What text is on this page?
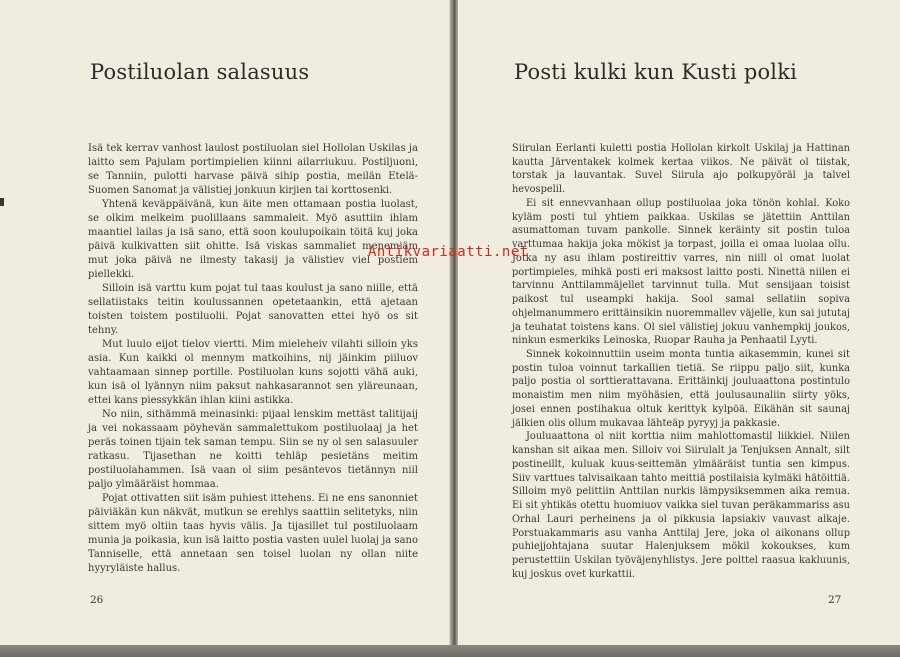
Postiluolan salasuus

Isä tek kerrav vanhost laulost postiluolan siel Hollolan Uskilas ja laitto sem Pajulam portimpielien kiinni ailarriukuu. Postiljuoni, se Tanniin, pulotti harvase päivä sihip postia, meilän Etelä-Suomen Sanomat ja välistiej jonkuun kirjien tai korttosenki.

Yhtenä keväppäivänä, kun äite men ottamaan postia luolast, se olkim melkeim puolillaans sammaleit. Myö asuttiin ihlam maantiel lailas ja isä sano, että soon koulupoikain töitä kuj joka päivä kulkivatten siit ohitte. Isä viskas sammaliet menemiäm mut joka päivä ne ilmesty takasij ja välistiev viel postiem piellekki.

Silloin isä varttu kum pojat tul taas koulust ja sano niille, että sellatiistaks teitin koulussannen opetetaankin, että ajetaan toisten toistem postiluolii. Pojat sanovatten ettei hyö os sit tehny.

Mut luulo eijot tielov viertti. Mim mieleheiv vilahti silloin yks asia. Kun kaikki ol mennym matkoihins, nij jäinkim piiluov vahtaamaan sinnep portille. Postiluolan kuns sojotti vähä auki, kun isä ol lyännyn niim paksut nahkasarannot sen yläreunaan, ettei kans piessykkän ihlan kiini astikka.

No niin, sithämmä meinasinki: pijaal lenskim mettäst talitijaij ja vei nokassaam pöyhevän sammalettukom postiluolaaj ja het peräs toinen tijain tek saman tempu. Siin se ny ol sen salasuuler ratkasu. Tijasethan ne koitti tehläp pesietäns meitim postiluolahammen. Isä vaan ol siim pesäntevos tietännyn niil paljo ylmääräist hommaa.

Pojat ottivatten siit isäm puhiest ittehens. Ei ne ens sanonniet päiviäkän kun näkvät, mutkun se erehlys saattiin selitetyks, niin sittem myö oltiin taas hyvis välis. Ja tijasillet tul postiluolaam munia ja poikasia, kun isä laitto postia vasten uulel luolaj ja sano Tanniselle, että annetaan sen toisel luolan ny ollan niite hyyryläiste hallus.

26
Posti kulki kun Kusti polki

Siirulan Eerlanti kuletti postia Hollolan kirkolt Uskilaj ja Hattinan kautta Järventakek kolmek kertaa viikos. Ne päivät ol tiistak, torstak ja lauvantak. Suvel Siirula ajo polkupyöräl ja talvel hevospelil.

Ei sit ennevvanhaan ollup postiluolaa joka tönön kohlal. Koko kyläm posti tul yhtiem paikkaa. Uskilas se jätettiin Anttilan asumattoman tuvam pankolle. Sinnek keräinty sit postin tuloa varttumaa hakija joka mökist ja torpast, joilla ei omaa luolaa ollu. Jotka ny asu ihlam postireittiv varres, nin niill ol omat luolat portimpieles, mihkä posti eri maksost laitto posti. Ninettä niilen ei tarvinnu Anttilammäjellet tarvinnut tulla. Mut sensijaan toisist paikost tul useampki hakija. Sool samal sellatiin sopiva ohjelmanummero erittäinsikin nuoremmallev väjelle, kun sai jututaj ja teuhatat toistens kans. Ol siel välistiej jokuu vanhempkij joukos, ninkun esmerkiks Leinoska, Ruopar Rauha ja Penhaatil Lyyti.

Sinnek kokoinnuttiin useim monta tuntia aikasemmin, kunei sit postin tuloa voinnut tarkallien tietiä. Se riippu paljo siit, kunka paljo postia ol sorttierattavana. Erittäinkij jouluaattona postintulo monaistim men niim myöhäsien, että joulusaunaliin siirty yöks, josei ennen postihakua oltuk kerittyk kylpöä. Eikähän sit saunaj jälkien olis ollum mukavaa lähteäp pyryyj ja pakkasie.

Jouluaattona ol niit korttia niim mahlottomastil liikkiel. Niilen kanshan sit aikaa men. Silloiv voi Siirulalt ja Tenjuksen Annalt, silt postineillt, kuluak kuus-seittemän ylmääräist tuntia sen kimpus. Siiv varttues talvisaikaan tahto meittiä postilaisia kylmäki hätöittiä. Silloim myö pelittiin Anttilan nurkis lämpysiksemmen aika remua. Ei sit yhtikäs otettu huomiuov vaikka siel tuvan peräkammariss asu Orhal Lauri perheinens ja ol pikkusia lapsiakiv vauvast alkaje. Porstuakammaris asu vanha Anttilaj Jere, joka ol aikonans ollup puhiejjohtajana suutar Halenjuksem mökil kokoukses, kum perustettiin Uskilan työväjenyhlistys. Jere polttel raasua kakluunis, kuj joskus ovet kurkattii.

27
Antikvariaatti.net
